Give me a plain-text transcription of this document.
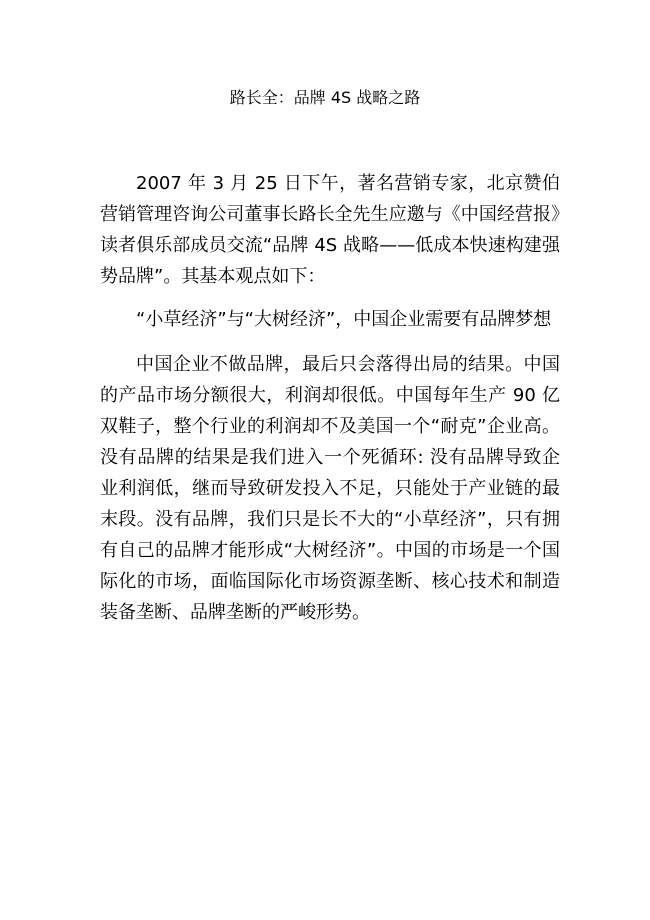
路长全：品牌 4S 战略之路

2007 年 3 月 25 日下午，著名营销专家，北京赞伯营销管理咨询公司董事长路长全先生应邀与《中国经营报》读者俱乐部成员交流“品牌 4S 战略——低成本快速构建强势品牌”。其基本观点如下：

“小草经济”与“大树经济”，中国企业需要有品牌梦想

中国企业不做品牌，最后只会落得出局的结果。中国的产品市场分额很大，利润却很低。中国每年生产 90 亿双鞋子，整个行业的利润却不及美国一个“耐克”企业高。没有品牌的结果是我们进入一个死循环: 没有品牌导致企业利润低，继而导致研发投入不足，只能处于产业链的最末段。没有品牌，我们只是长不大的“小草经济”，只有拥有自己的品牌才能形成“大树经济”。中国的市场是一个国际化的市场，面临国际化市场资源垄断、核心技术和制造装备垄断、品牌垄断的严峻形势。
